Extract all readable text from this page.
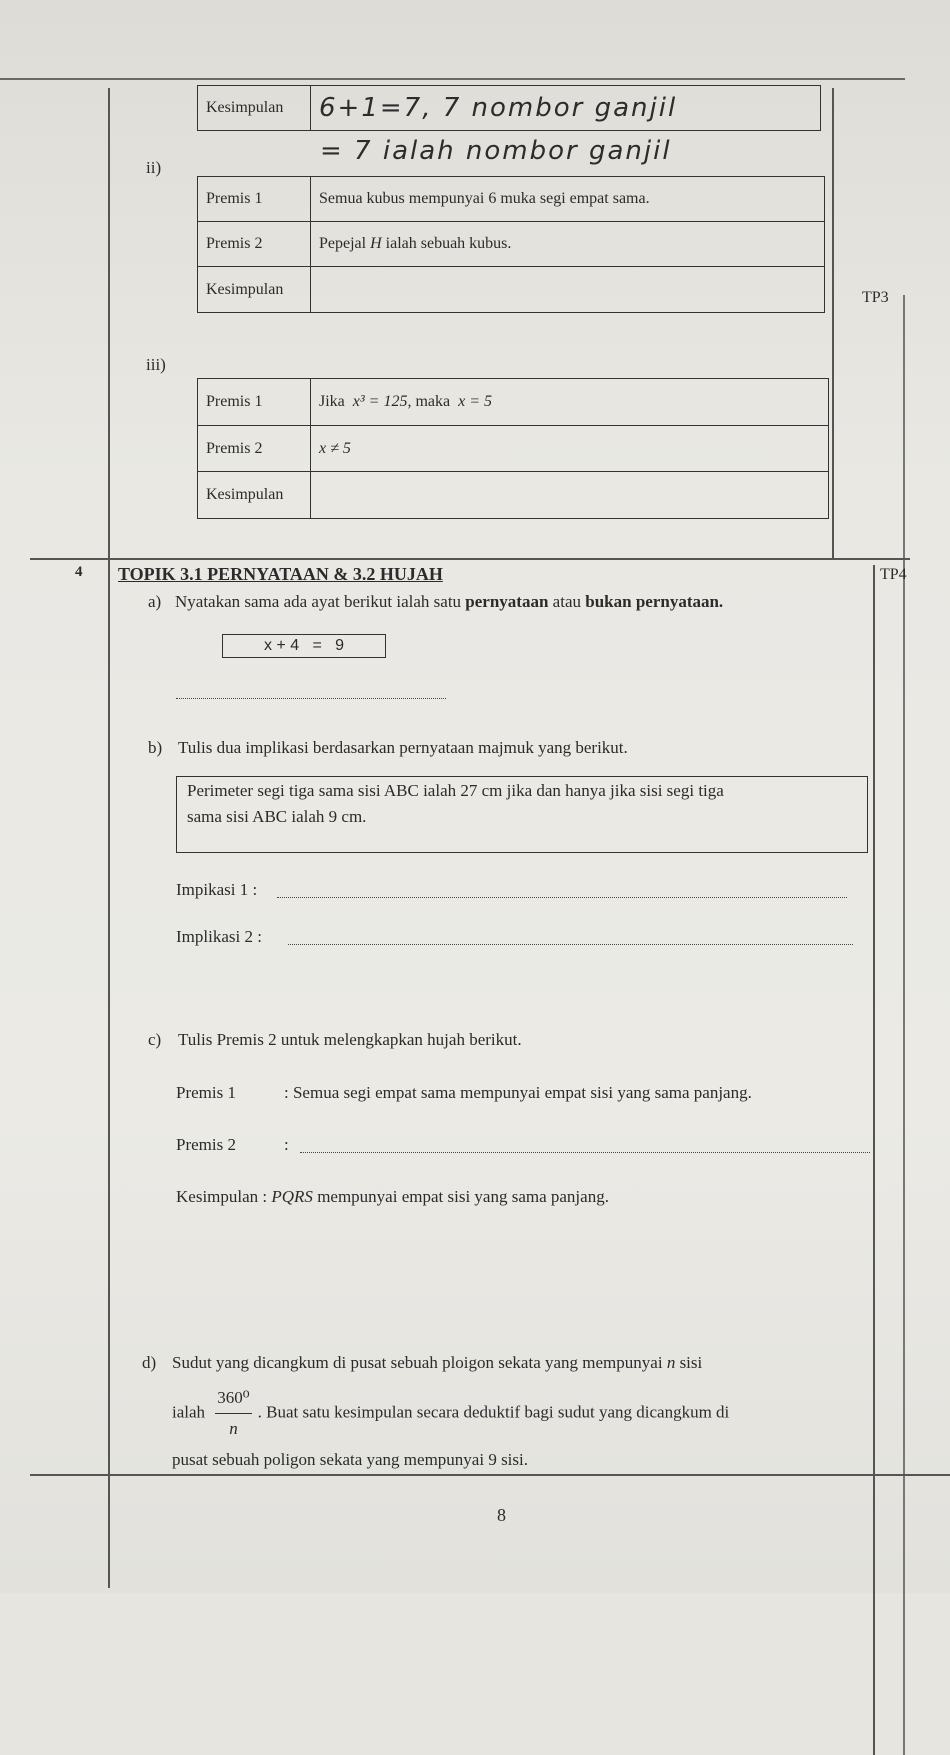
Kesimpulan	6+1=7, 7 nombor ganjil
= 7 ialah nombor ganjil
ii)
Premis 1	Semua kubus mempunyai 6 muka segi empat sama.
Premis 2	Pepejal H ialah sebuah kubus.
Kesimpulan		TP3
iii)
Premis 1	Jika x³ = 125, maka x = 5
Premis 2	x ≠ 5
Kesimpulan	
4 TOPIK 3.1 PERNYATAAN & 3.2 HUJAH	TP4
a) Nyatakan sama ada ayat berikut ialah satu pernyataan atau bukan pernyataan.
x + 4   =   9
b) Tulis dua implikasi berdasarkan pernyataan majmuk yang berikut.
Perimeter segi tiga sama sisi ABC ialah 27 cm jika dan hanya jika sisi segi tiga
sama sisi ABC ialah 9 cm.
Impikasi 1 :
Implikasi 2 :
c) Tulis Premis 2 untuk melengkapkan hujah berikut.
Premis 1	: Semua segi empat sama mempunyai empat sisi yang sama panjang.
Premis 2	:
Kesimpulan : PQRS mempunyai empat sisi yang sama panjang.
d) Sudut yang dicangkum di pusat sebuah ploigon sekata yang mempunyai n sisi
ialah $\frac{\text{360⁰}}{n}$ . Buat satu kesimpulan secara deduktif bagi sudut yang dicangkum di
pusat sebuah poligon sekata yang mempunyai 9 sisi.
8
